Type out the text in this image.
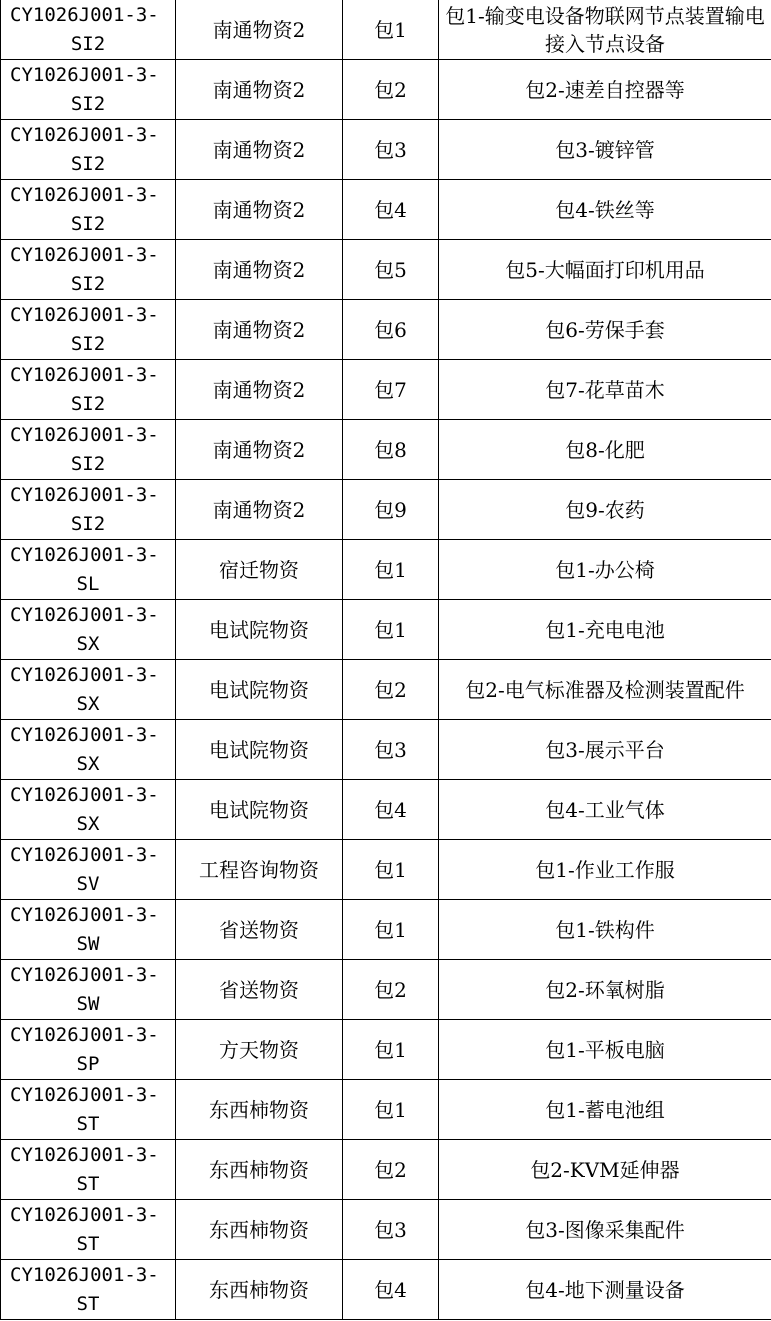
CY1026J001-3-
SI2	南通物资2	包1	包1-输变电设备物联网节点装置输电接入节点设备

CY1026J001-3-
SI2	南通物资2	包2	包2-速差自控器等

CY1026J001-3-
SI2	南通物资2	包3	包3-镀锌管

CY1026J001-3-
SI2	南通物资2	包4	包4-铁丝等

CY1026J001-3-
SI2	南通物资2	包5	包5-大幅面打印机用品

CY1026J001-3-
SI2	南通物资2	包6	包6-劳保手套

CY1026J001-3-
SI2	南通物资2	包7	包7-花草苗木

CY1026J001-3-
SI2	南通物资2	包8	包8-化肥

CY1026J001-3-
SI2	南通物资2	包9	包9-农药

CY1026J001-3-
SL	宿迁物资	包1	包1-办公椅

CY1026J001-3-
SX	电试院物资	包1	包1-充电电池

CY1026J001-3-
SX	电试院物资	包2	包2-电气标准器及检测装置配件

CY1026J001-3-
SX	电试院物资	包3	包3-展示平台

CY1026J001-3-
SX	电试院物资	包4	包4-工业气体

CY1026J001-3-
SV	工程咨询物资	包1	包1-作业工作服

CY1026J001-3-
SW	省送物资	包1	包1-铁构件

CY1026J001-3-
SW	省送物资	包2	包2-环氧树脂

CY1026J001-3-
SP	方天物资	包1	包1-平板电脑

CY1026J001-3-
ST	东西柿物资	包1	包1-蓄电池组

CY1026J001-3-
ST	东西柿物资	包2	包2-KVM延伸器

CY1026J001-3-
ST	东西柿物资	包3	包3-图像采集配件

CY1026J001-3-
ST	东西柿物资	包4	包4-地下测量设备
